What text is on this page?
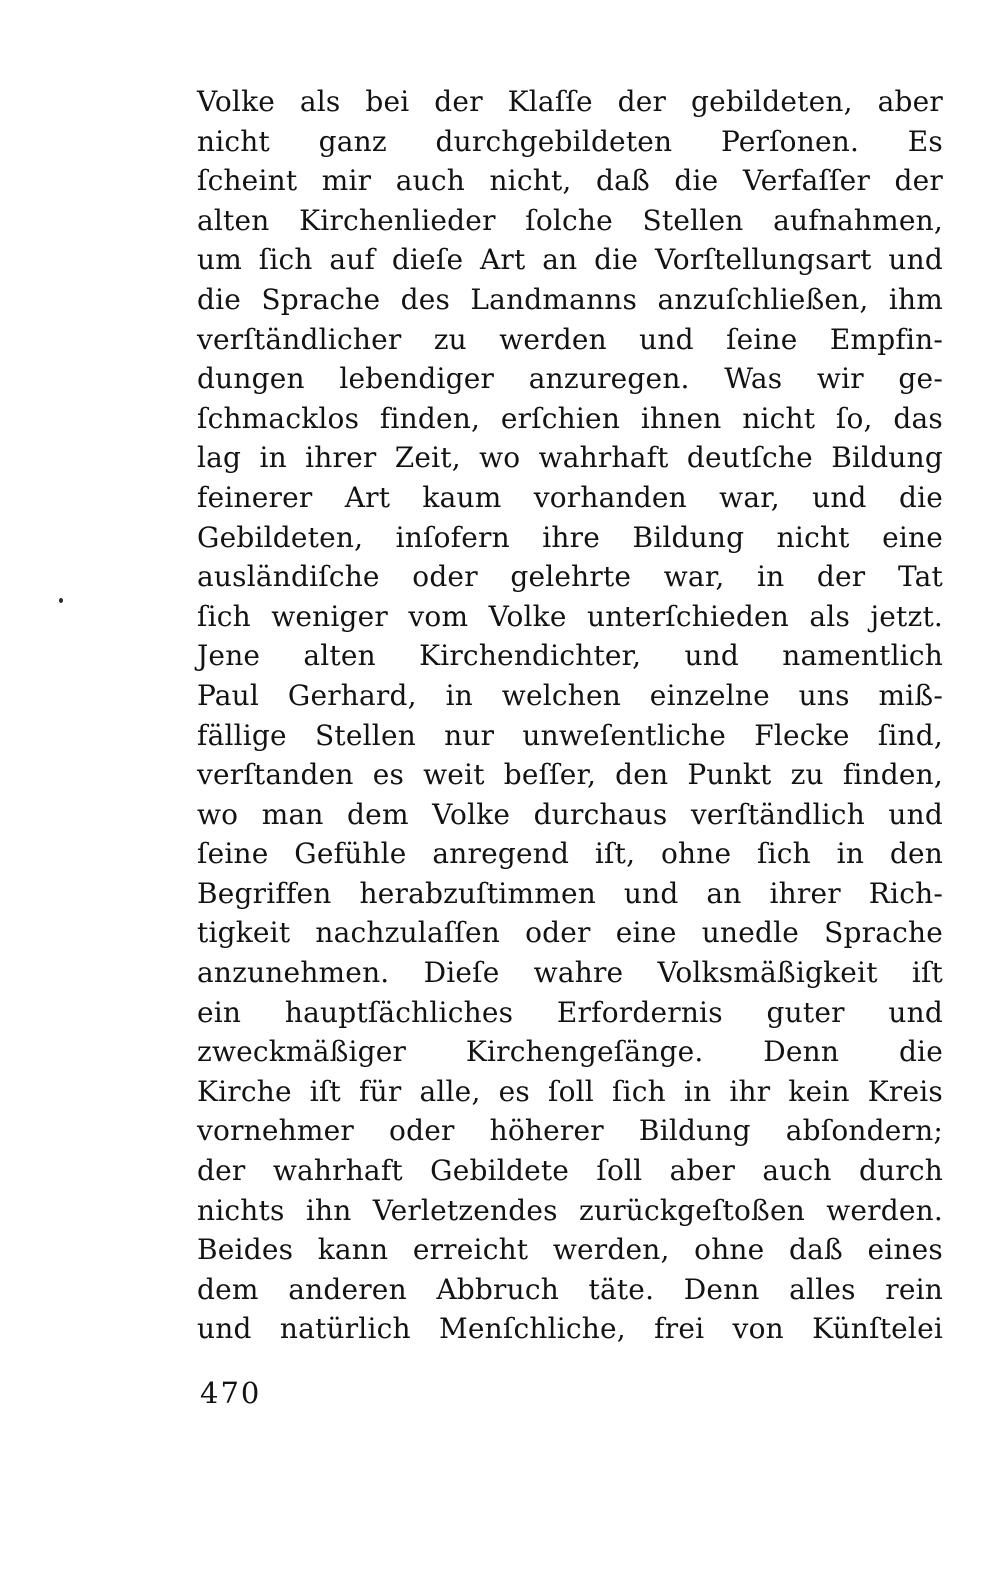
Volke als bei der Klaſſe der gebildeten, aber
nicht ganz durchgebildeten Perſonen. Es
ſcheint mir auch nicht, daß die Verfaſſer der
alten Kirchenlieder ſolche Stellen aufnahmen,
um ſich auf dieſe Art an die Vorſtellungsart und
die Sprache des Landmanns anzuſchließen, ihm
verſtändlicher zu werden und ſeine Empfin-
dungen lebendiger anzuregen. Was wir ge-
ſchmacklos finden, erſchien ihnen nicht ſo, das
lag in ihrer Zeit, wo wahrhaft deutſche Bildung
feinerer Art kaum vorhanden war, und die
Gebildeten, inſofern ihre Bildung nicht eine
ausländiſche oder gelehrte war, in der Tat
ſich weniger vom Volke unterſchieden als jetzt.
Jene alten Kirchendichter, und namentlich
Paul Gerhard, in welchen einzelne uns miß-
fällige Stellen nur unweſentliche Flecke ſind,
verſtanden es weit beſſer, den Punkt zu finden,
wo man dem Volke durchaus verſtändlich und
ſeine Gefühle anregend iſt, ohne ſich in den
Begriffen herabzuſtimmen und an ihrer Rich-
tigkeit nachzulaſſen oder eine unedle Sprache
anzunehmen. Dieſe wahre Volksmäßigkeit iſt
ein hauptſächliches Erfordernis guter und
zweckmäßiger Kirchengeſänge. Denn die
Kirche iſt für alle, es ſoll ſich in ihr kein Kreis
vornehmer oder höherer Bildung abſondern;
der wahrhaft Gebildete ſoll aber auch durch
nichts ihn Verletzendes zurückgeſtoßen werden.
Beides kann erreicht werden, ohne daß eines
dem anderen Abbruch täte. Denn alles rein
und natürlich Menſchliche, frei von Künſtelei
470
